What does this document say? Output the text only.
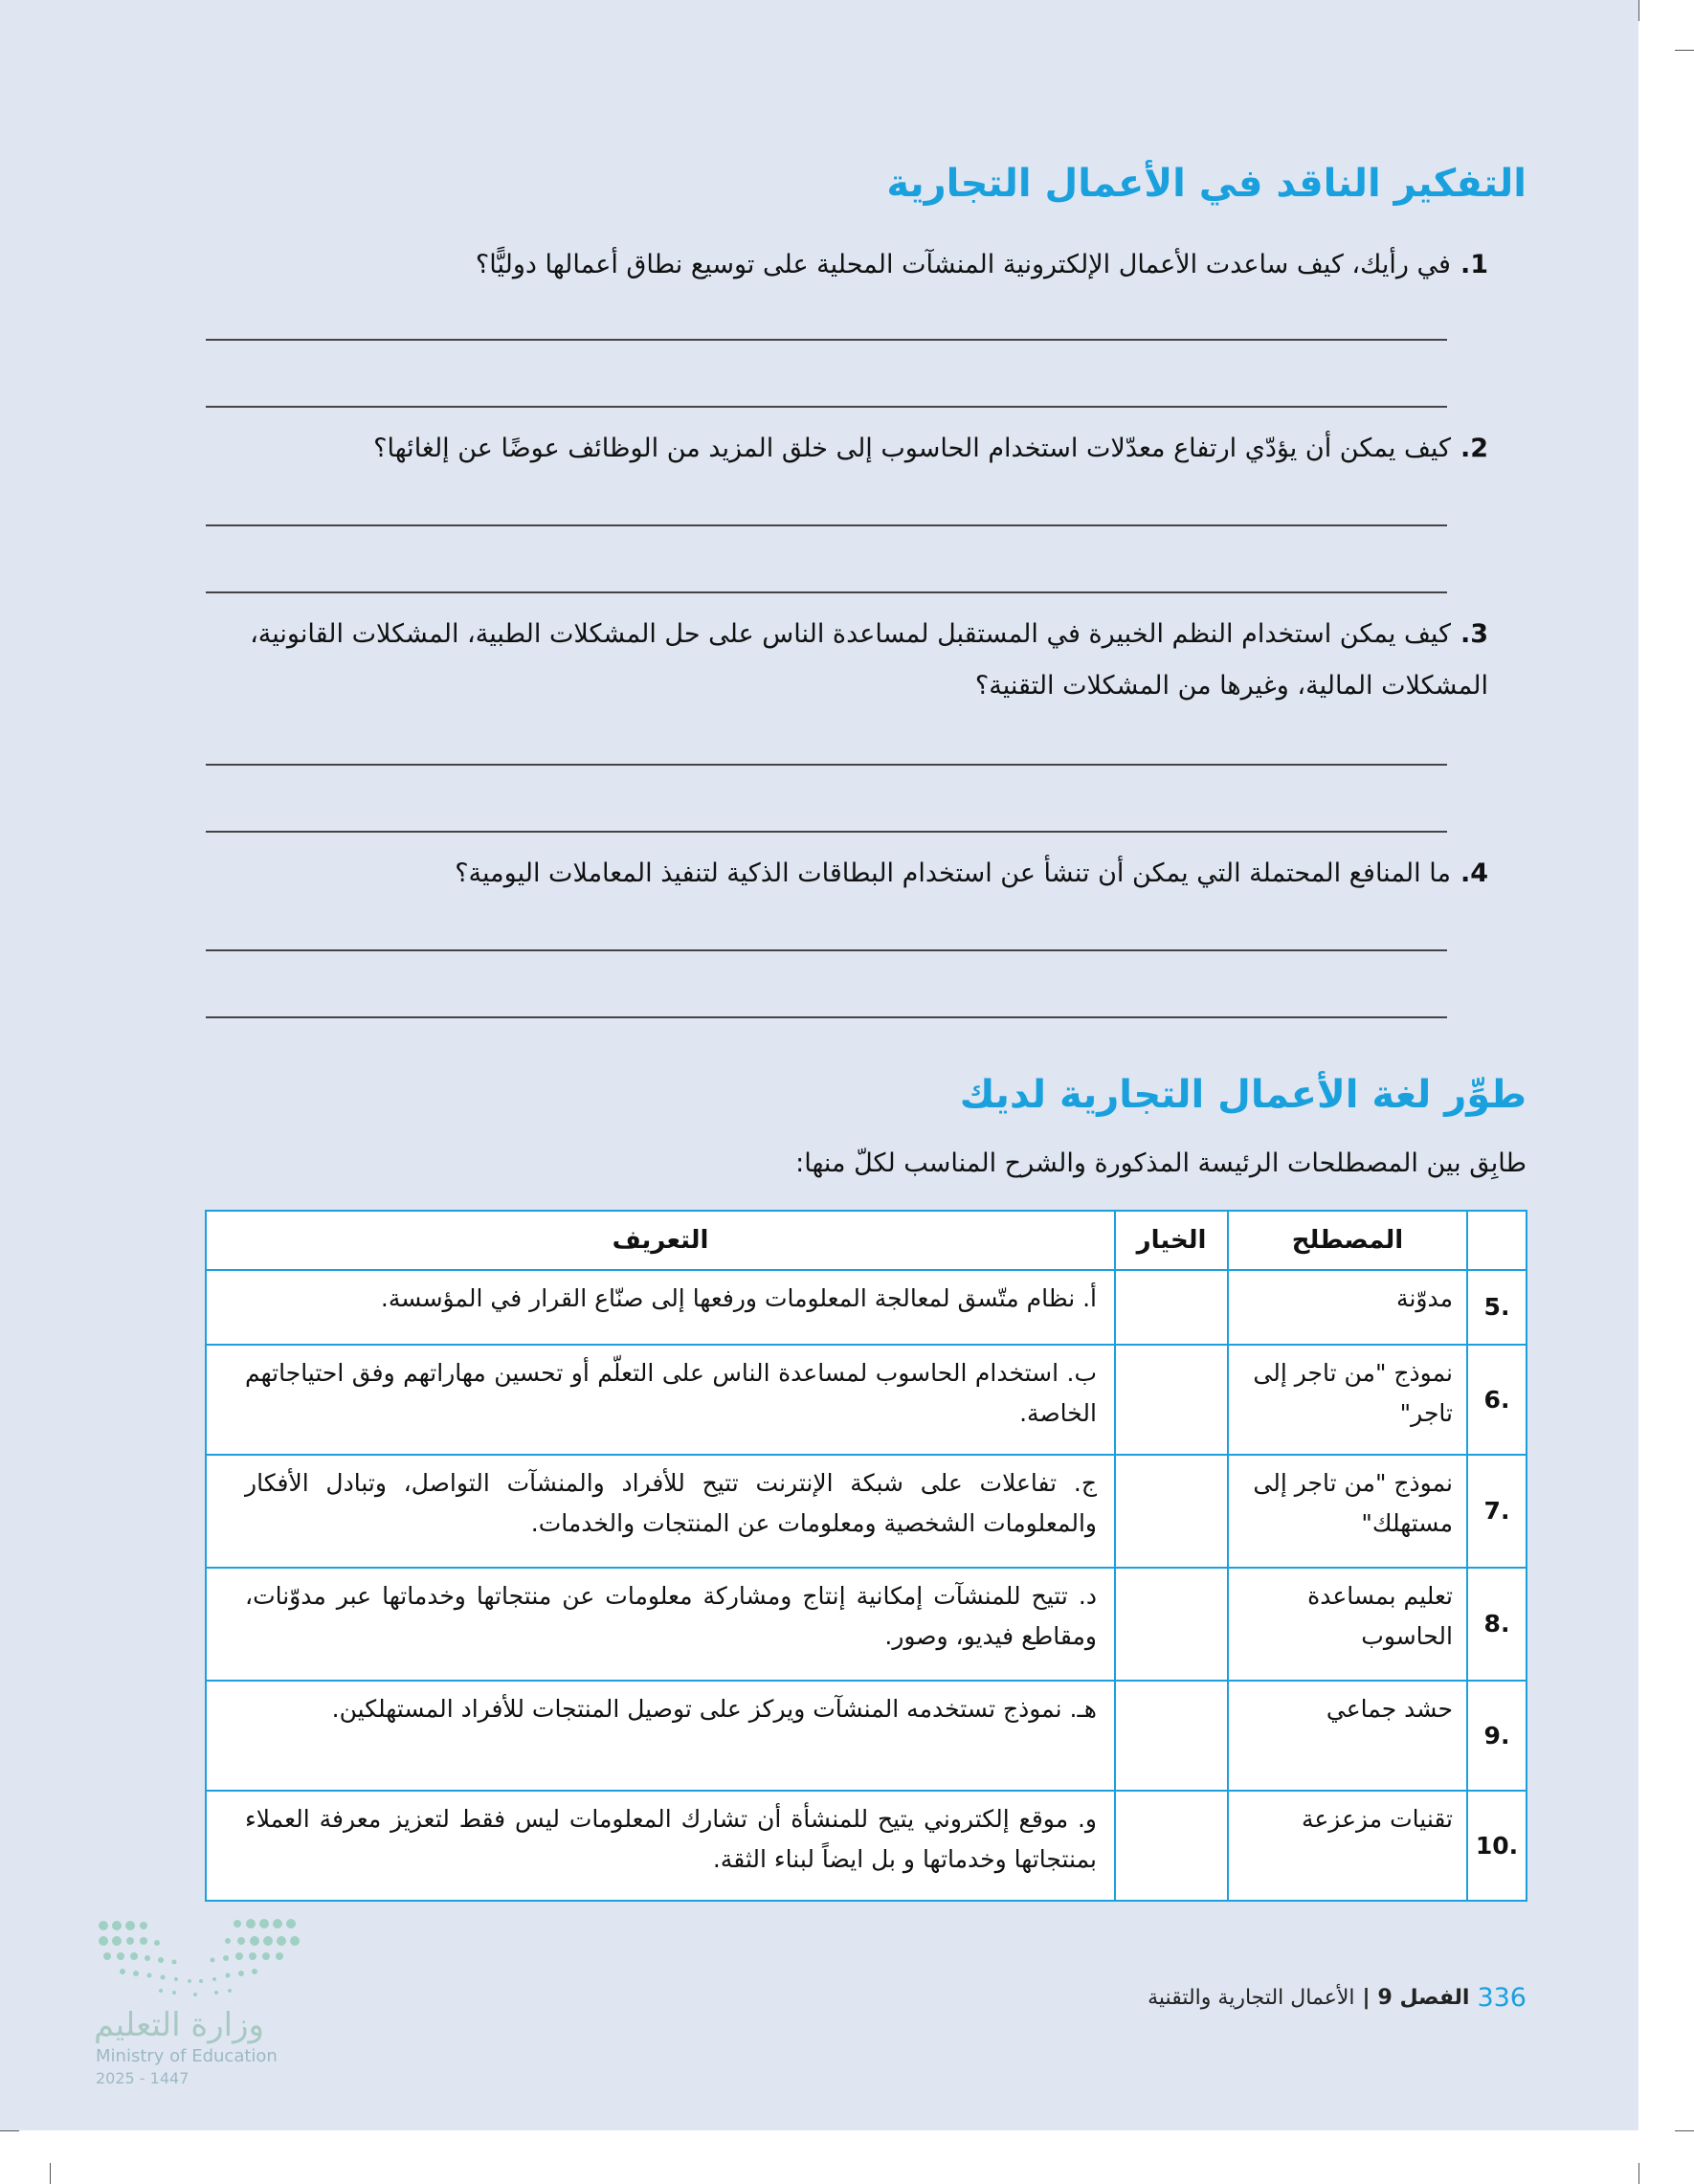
التفكير الناقد في الأعمال التجارية

1.في رأيك، كيف ساعدت الأعمال الإلكترونية المنشآت المحلية على توسيع نطاق أعمالها دوليًّا؟

2.كيف يمكن أن يؤدّي ارتفاع معدّلات استخدام الحاسوب إلى خلق المزيد من الوظائف عوضًا عن إلغائها؟

3.كيف يمكن استخدام النظم الخبيرة في المستقبل لمساعدة الناس على حل المشكلات الطبية، المشكلات القانونية، المشكلات المالية، وغيرها من المشكلات التقنية؟

4.ما المنافع المحتملة التي يمكن أن تنشأ عن استخدام البطاقات الذكية لتنفيذ المعاملات اليومية؟

طوِّر لغة الأعمال التجارية لديك

طابِق بين المصطلحات الرئيسة المذكورة والشرح المناسب لكلّ منها:

	المصطلح	الخيار	التعريف
.5	مدوّنة		أ. نظام متّسق لمعالجة المعلومات ورفعها إلى صنّاع القرار في المؤسسة.
.6	نموذج "من تاجر إلى تاجر"		ب. استخدام الحاسوب لمساعدة الناس على التعلّم أو تحسين مهاراتهم وفق احتياجاتهم الخاصة.
.7	نموذج "من تاجر إلى مستهلك"		ج. تفاعلات على شبكة الإنترنت تتيح للأفراد والمنشآت التواصل، وتبادل الأفكار والمعلومات الشخصية ومعلومات عن المنتجات والخدمات.
.8	تعليم بمساعدة الحاسوب		د. تتيح للمنشآت إمكانية إنتاج ومشاركة معلومات عن منتجاتها وخدماتها عبر مدوّنات، ومقاطع فيديو، وصور.
.9	حشد جماعي		هـ. نموذج تستخدمه المنشآت ويركز على توصيل المنتجات للأفراد المستهلكين.
.10	تقنيات مزعزعة		و. موقع إلكتروني يتيح للمنشأة أن تشارك المعلومات ليس فقط لتعزيز معرفة العملاء بمنتجاتها وخدماتها و بل ايضاً لبناء الثقة.
336
الفصل 9
|
الأعمال التجارية والتقنية
وزارة التعليم
Ministry of Education
2025 - 1447
